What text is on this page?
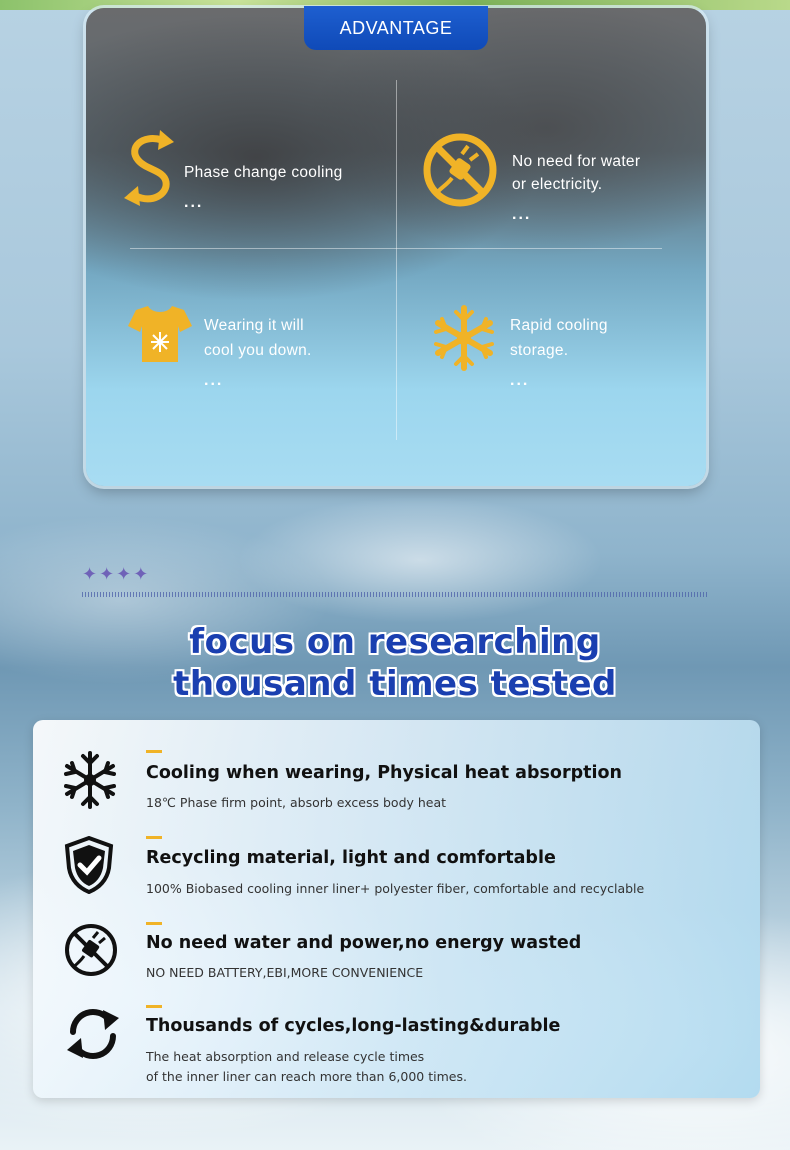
ADVANTAGE
Phase change cooling
...
No need for water
or electricity.
...
Wearing it will
cool you down.
...
Rapid cooling
storage.
...
✦✦✦✦
focus on researching
thousand times tested
Cooling when wearing, Physical heat absorption
18℃ Phase firm point, absorb excess body heat
Recycling material, light and comfortable
100% Biobased cooling inner liner+ polyester fiber, comfortable and recyclable
No need water and power,no energy wasted
NO NEED BATTERY,EBI,MORE CONVENIENCE
Thousands of cycles,long-lasting&durable
The heat absorption and release cycle times
of the inner liner can reach more than 6,000 times.
